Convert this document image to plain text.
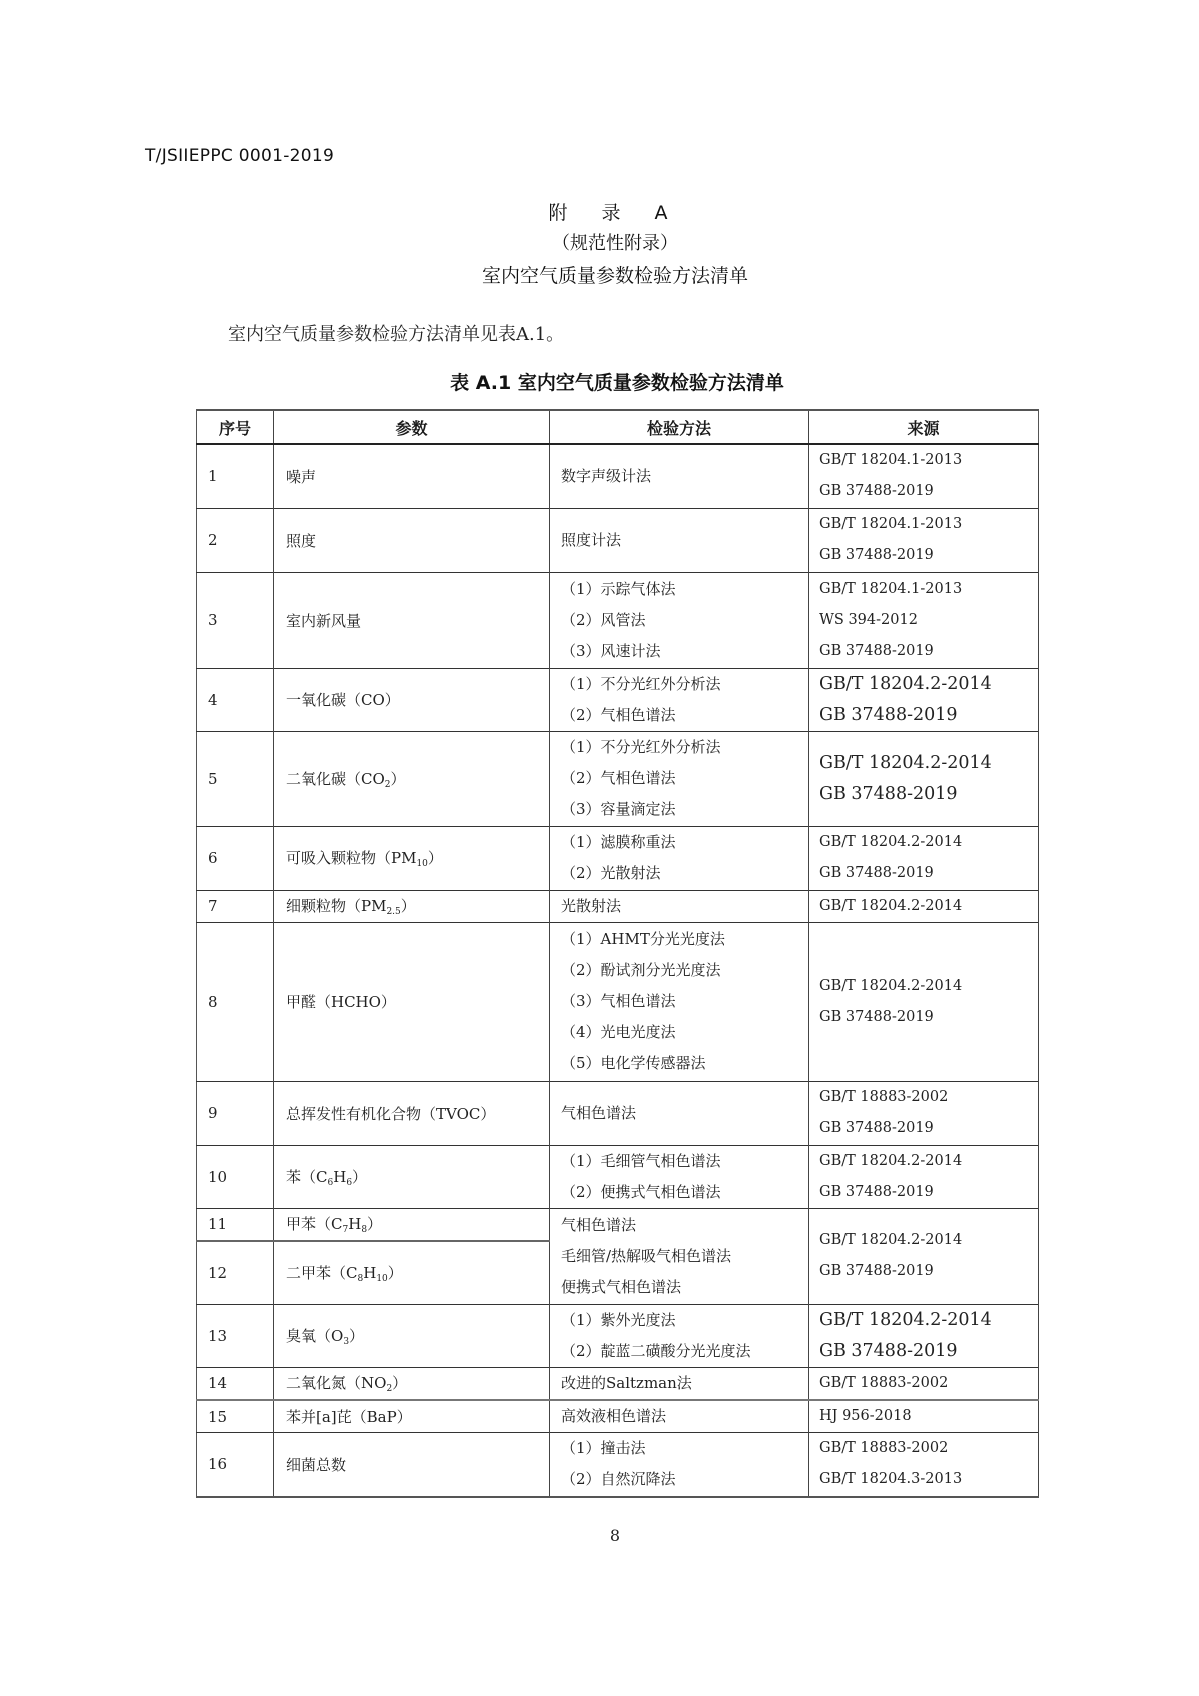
T/JSIIEPPC 0001-2019
附 录 A
（规范性附录）
室内空气质量参数检验方法清单
室内空气质量参数检验方法清单见表A.1。
表 A.1 室内空气质量参数检验方法清单
序号	参数	检验方法	来源
1	噪声	数字声级计法	GB/T 18204.1-2013
GB 37488-2019

2	照度	照度计法	GB/T 18204.1-2013
GB 37488-2019

3	室内新风量	（1）示踪气体法
（2）风管法
（3）风速计法	GB/T 18204.1-2013
WS 394-2012
GB 37488-2019

4	一氧化碳（CO）	（1）不分光红外分析法
（2）气相色谱法	GB/T 18204.2-2014
GB 37488-2019

5	二氧化碳$(CO_2)$	（1）不分光红外分析法
（2）气相色谱法
（3）容量滴定法	GB/T 18204.2-2014
GB 37488-2019

6	可吸入颗粒物$(PM_{10})$	（1）滤膜称重法
（2）光散射法	GB/T 18204.2-2014
GB 37488-2019

7	细颗粒物$(PM_{2.5})$	光散射法	GB/T 18204.2-2014

8	甲醛（HCHO）	（1）AHMT分光光度法
（2）酚试剂分光光度法
（3）气相色谱法
（4）光电光度法
（5）电化学传感器法	GB/T 18204.2-2014
GB 37488-2019

9	总挥发性有机化合物（TVOC）	气相色谱法	GB/T 18883-2002
GB 37488-2019

10	苯$(C_6H_6)$	（1）毛细管气相色谱法
（2）便携式气相色谱法	GB/T 18204.2-2014
GB 37488-2019

11	甲苯$(C_7H_8)$	气相色谱法
毛细管/热解吸气相色谱法
便携式气相色谱法	GB/T 18204.2-2014
GB 37488-2019

12	二甲苯$(C_8H_{10})$		
13	臭氧$(O_3)$	（1）紫外光度法
（2）靛蓝二磺酸分光光度法	GB/T 18204.2-2014
GB 37488-2019

14	二氧化氮$(NO_2)$	改进的Saltzman法	GB/T 18883-2002

15	苯并[a]芘（BaP）	高效液相色谱法	HJ 956-2018

16	细菌总数	（1）撞击法
（2）自然沉降法	GB/T 18883-2002
GB/T 18204.3-2013
8
